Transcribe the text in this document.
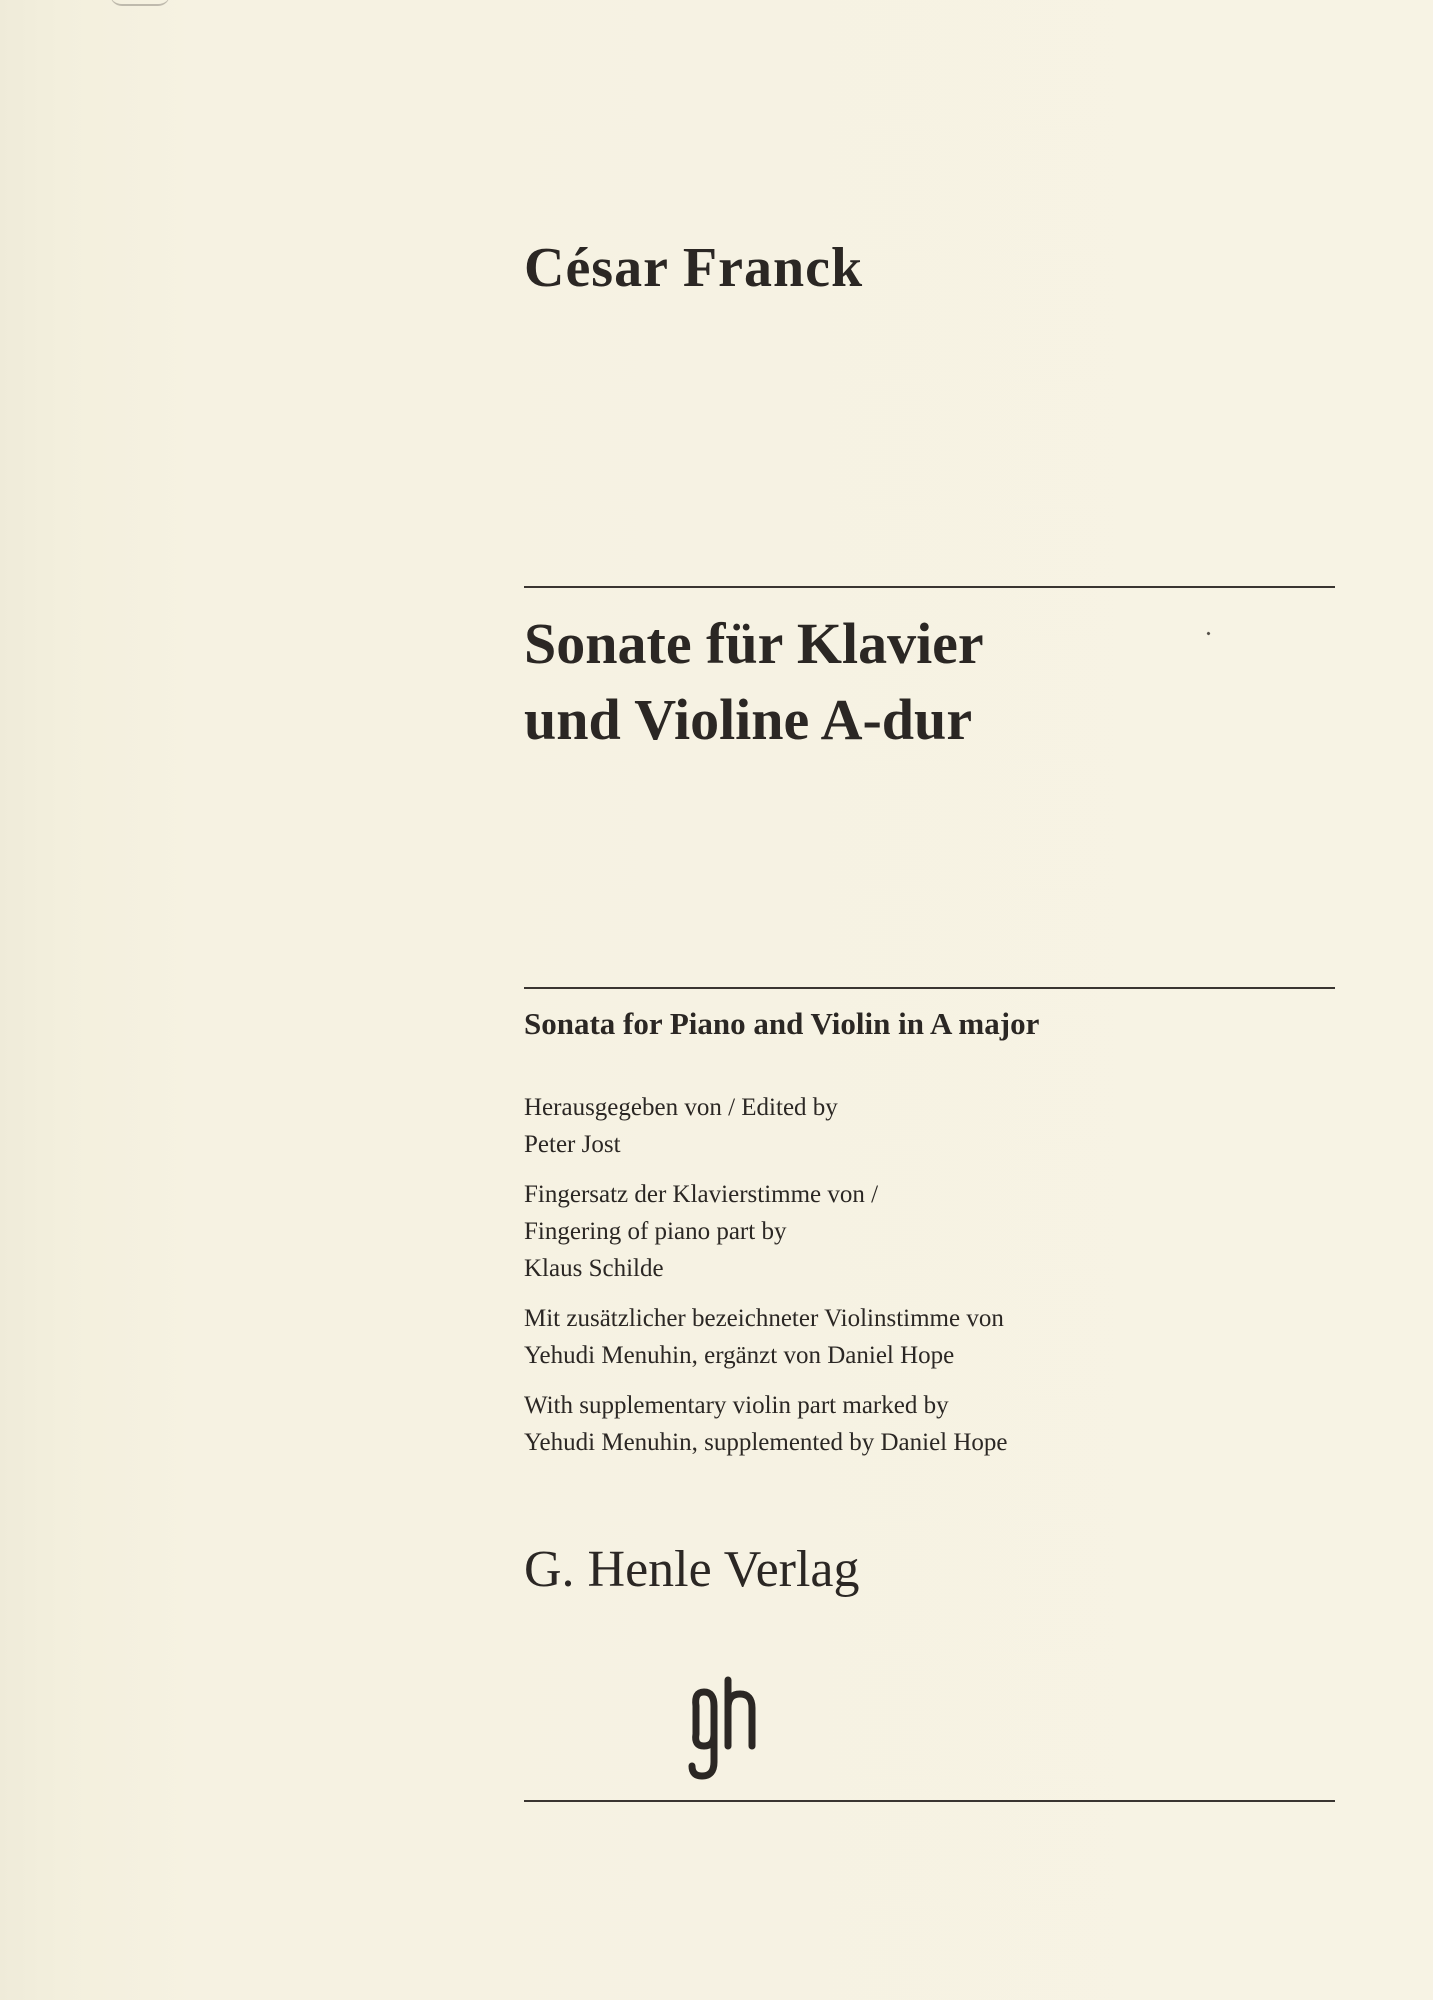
César Franck
Sonate für Klavier
und Violine A-dur
Sonata for Piano and Violin in A major
Herausgegeben von / Edited by
Peter Jost
Fingersatz der Klavierstimme von /
Fingering of piano part by
Klaus Schilde
Mit zusätzlicher bezeichneter Violinstimme von
Yehudi Menuhin, ergänzt von Daniel Hope
With supplementary violin part marked by
Yehudi Menuhin, supplemented by Daniel Hope
G. Henle Verlag
